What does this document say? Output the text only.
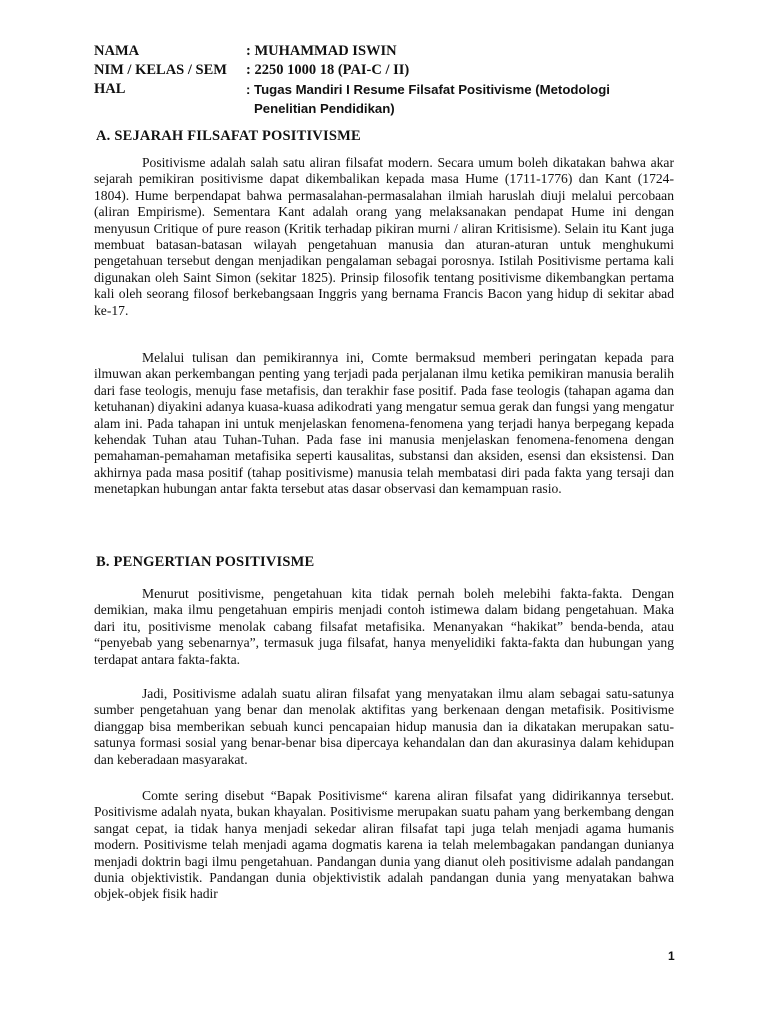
NAMA	: MUHAMMAD ISWIN
NIM / KELAS / SEM	: 2250 1000 18 (PAI-C / II)
HAL	: Tugas Mandiri I Resume Filsafat Positivisme (Metodologi
Penelitian Pendidikan)
A. SEJARAH FILSAFAT POSITIVISME

Positivisme adalah salah satu aliran filsafat modern. Secara umum boleh dikatakan bahwa akar sejarah pemikiran positivisme dapat dikembalikan kepada masa Hume (1711-1776) dan Kant (1724-1804). Hume berpendapat bahwa permasalahan-permasalahan ilmiah haruslah diuji melalui percobaan (aliran Empirisme). Sementara Kant adalah orang yang melaksanakan pendapat Hume ini dengan menyusun Critique of pure reason (Kritik terhadap pikiran murni / aliran Kritisisme). Selain itu Kant juga membuat batasan-batasan wilayah pengetahuan manusia dan aturan-aturan untuk menghukumi pengetahuan tersebut dengan menjadikan pengalaman sebagai porosnya. Istilah Positivisme pertama kali digunakan oleh Saint Simon (sekitar 1825). Prinsip filosofik tentang positivisme dikembangkan pertama kali oleh seorang filosof berkebangsaan Inggris yang bernama Francis Bacon yang hidup di sekitar abad ke-17.

Melalui tulisan dan pemikirannya ini, Comte bermaksud memberi peringatan kepada para ilmuwan akan perkembangan penting yang terjadi pada perjalanan ilmu ketika pemikiran manusia beralih dari fase teologis, menuju fase metafisis, dan terakhir fase positif. Pada fase teologis (tahapan agama dan ketuhanan) diyakini adanya kuasa-kuasa adikodrati yang mengatur semua gerak dan fungsi yang mengatur alam ini. Pada tahapan ini untuk menjelaskan fenomena-fenomena yang terjadi hanya berpegang kepada kehendak Tuhan atau Tuhan-Tuhan. Pada fase ini manusia menjelaskan fenomena-fenomena dengan pemahaman-pemahaman metafisika seperti kausalitas, substansi dan aksiden, esensi dan eksistensi. Dan akhirnya pada masa positif (tahap positivisme) manusia telah membatasi diri pada fakta yang tersaji dan menetapkan hubungan antar fakta tersebut atas dasar observasi dan kemampuan rasio.

B. PENGERTIAN POSITIVISME

Menurut positivisme, pengetahuan kita tidak pernah boleh melebihi fakta-fakta. Dengan demikian, maka ilmu pengetahuan empiris menjadi contoh istimewa dalam bidang pengetahuan. Maka dari itu, positivisme menolak cabang filsafat metafisika. Menanyakan “hakikat” benda-benda, atau “penyebab yang sebenarnya”, termasuk juga filsafat, hanya menyelidiki fakta-fakta dan hubungan yang terdapat antara fakta-fakta.

Jadi, Positivisme adalah suatu aliran filsafat yang menyatakan ilmu alam sebagai satu-satunya sumber pengetahuan yang benar dan menolak aktifitas yang berkenaan dengan metafisik. Positivisme dianggap bisa memberikan sebuah kunci pencapaian hidup manusia dan ia dikatakan merupakan satu-satunya formasi sosial yang benar-benar bisa dipercaya kehandalan dan dan akurasinya dalam kehidupan dan keberadaan masyarakat.

Comte sering disebut “Bapak Positivisme“ karena aliran filsafat yang didirikannya tersebut. Positivisme adalah nyata, bukan khayalan. Positivisme merupakan suatu paham yang berkembang dengan sangat cepat, ia tidak hanya menjadi sekedar aliran filsafat tapi juga telah menjadi agama humanis modern. Positivisme telah menjadi agama dogmatis karena ia telah melembagakan pandangan dunianya menjadi doktrin bagi ilmu pengetahuan. Pandangan dunia yang dianut oleh positivisme adalah pandangan dunia objektivistik. Pandangan dunia objektivistik adalah pandangan dunia yang menyatakan bahwa objek-objek fisik hadir

1
